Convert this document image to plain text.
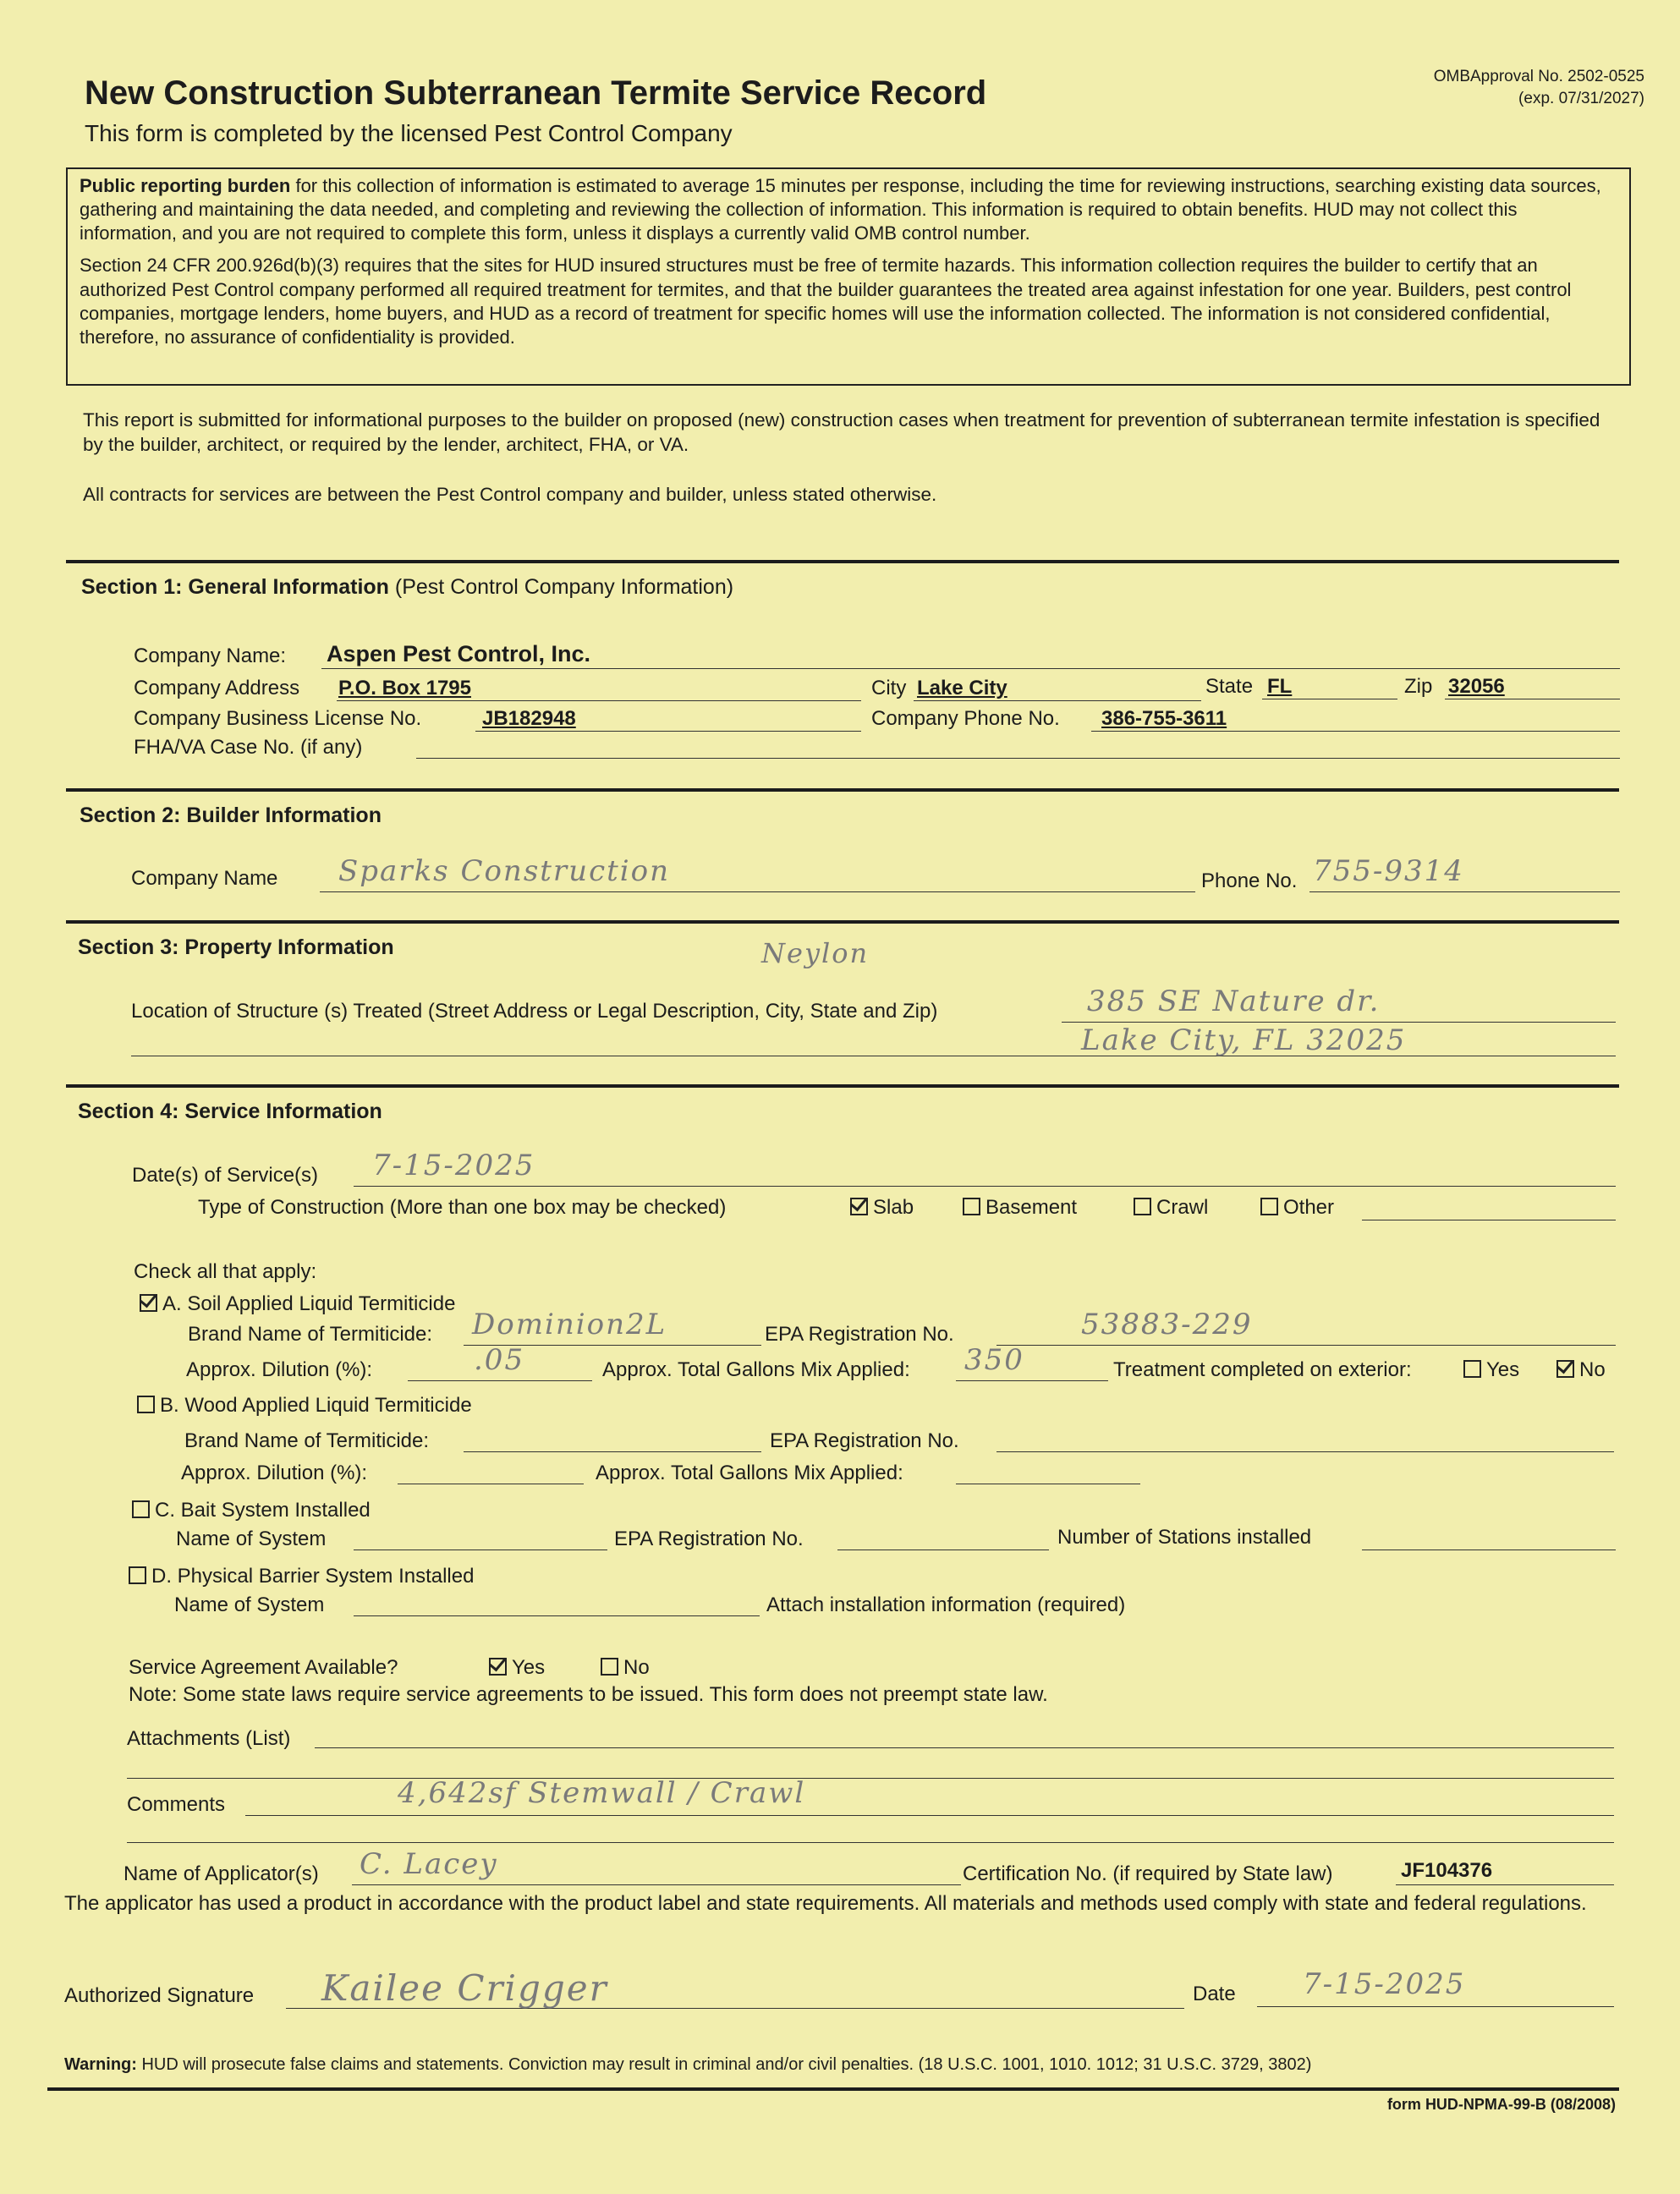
New Construction Subterranean Termite Service Record
This form is completed by the licensed Pest Control Company
OMBApproval No. 2502-0525
(exp. 07/31/2027)

Public reporting burden for this collection of information is estimated to average 15 minutes per response, including the time for reviewing instructions, searching existing data sources, gathering and maintaining the data needed, and completing and reviewing the collection of information. This information is required to obtain benefits. HUD may not collect this information, and you are not required to complete this form, unless it displays a currently valid OMB control number.

Section 24 CFR 200.926d(b)(3) requires that the sites for HUD insured structures must be free of termite hazards. This information collection requires the builder to certify that an authorized Pest Control company performed all required treatment for termites, and that the builder guarantees the treated area against infestation for one year. Builders, pest control companies, mortgage lenders, home buyers, and HUD as a record of treatment for specific homes will use the information collected. The information is not considered confidential, therefore, no assurance of confidentiality is provided.

This report is submitted for informational purposes to the builder on proposed (new) construction cases when treatment for prevention of subterranean termite infestation is specified by the builder, architect, or required by the lender, architect, FHA, or VA.
All contracts for services are between the Pest Control company and builder, unless stated otherwise.
Section 1: General Information (Pest Control Company Information)
Company Name: Aspen Pest Control, Inc.
Company Address P.O. Box 1795	City Lake City	State FL	Zip 32056
Company Business License No.	JB182948	Company Phone No. 386-755-3611
FHA/VA Case No. (if any)
Section 2: Builder Information
Company Name Sparks Construction	Phone No. 755-9314
Section 3: Property Information	Neylon
Location of Structure (s) Treated (Street Address or Legal Description, City, State and Zip)	385 SE Nature dr.
Lake City, FL 32025
Section 4: Service Information
Date(s) of Service(s) 7-15-2025
Type of Construction (More than one box may be checked)	Slab	Basement	Crawl	Other
Check all that apply:
A. Soil Applied Liquid Termiticide
Brand Name of Termiticide: Dominion2L	EPA Registration No.	53883-229
Approx. Dilution (%):	.05	Approx. Total Gallons Mix Applied: 350	Treatment completed on exterior:	Yes	No
B. Wood Applied Liquid Termiticide
Brand Name of Termiticide:	EPA Registration No.
Approx. Dilution (%):	Approx. Total Gallons Mix Applied:
C. Bait System Installed
Name of System	EPA Registration No.	Number of Stations installed
D. Physical Barrier System Installed
Name of System	Attach installation information (required)
Service Agreement Available?	Yes	No
Note: Some state laws require service agreements to be issued. This form does not preempt state law.
Attachments (List)
Comments	4,642sf Stemwall / Crawl
Name of Applicator(s) C. Lacey	Certification No. (if required by State law)	JF104376
The applicator has used a product in accordance with the product label and state requirements. All materials and methods used comply with state and federal regulations.
Authorized Signature Kailee Crigger	Date 7-15-2025
Warning: HUD will prosecute false claims and statements. Conviction may result in criminal and/or civil penalties. (18 U.S.C. 1001, 1010. 1012; 31 U.S.C. 3729, 3802)
form HUD-NPMA-99-B (08/2008)
